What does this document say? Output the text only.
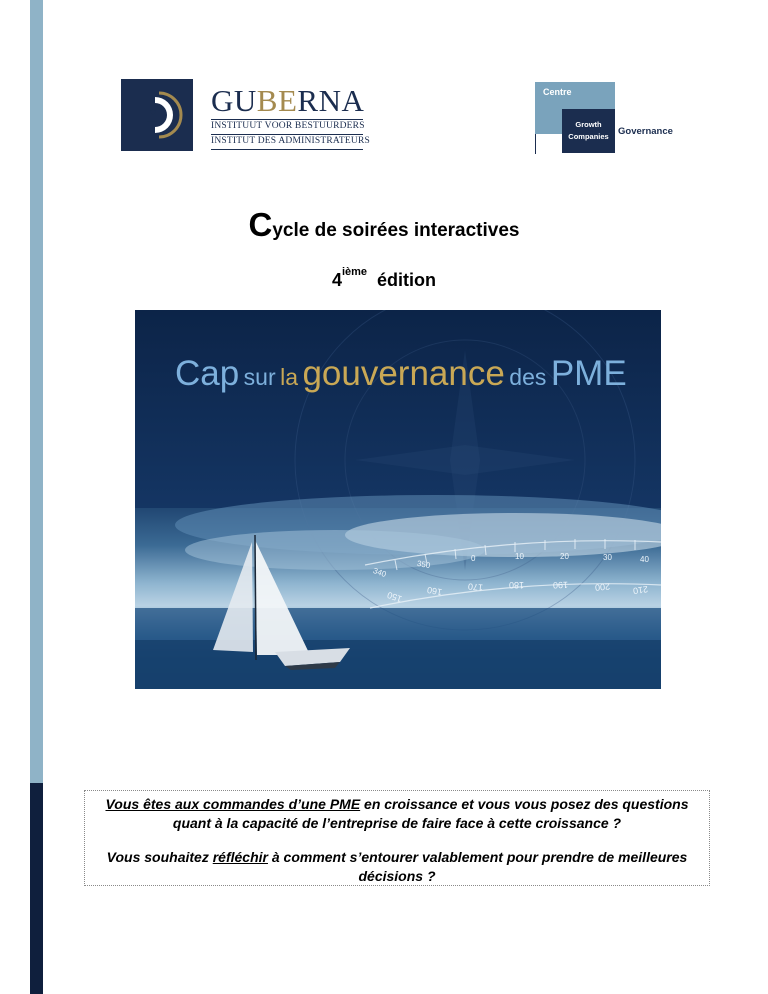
GUBERNA
INSTITUUT VOOR BESTUURDERS
INSTITUT DES ADMINISTRATEURS
Centre
Growth
Companies Governance
Cycle de soirées interactives
4ième édition
Cap sur la gouvernance des PME
340
350
0	10	20	30	40
150	160	170	180	190	200 210
Vous êtes aux commandes d’une PME en croissance et vous vous posez des questions quant à la capacité de l’entreprise de faire face à cette croissance ?
Vous souhaitez réfléchir à comment s’entourer valablement pour prendre de meilleures décisions ?
